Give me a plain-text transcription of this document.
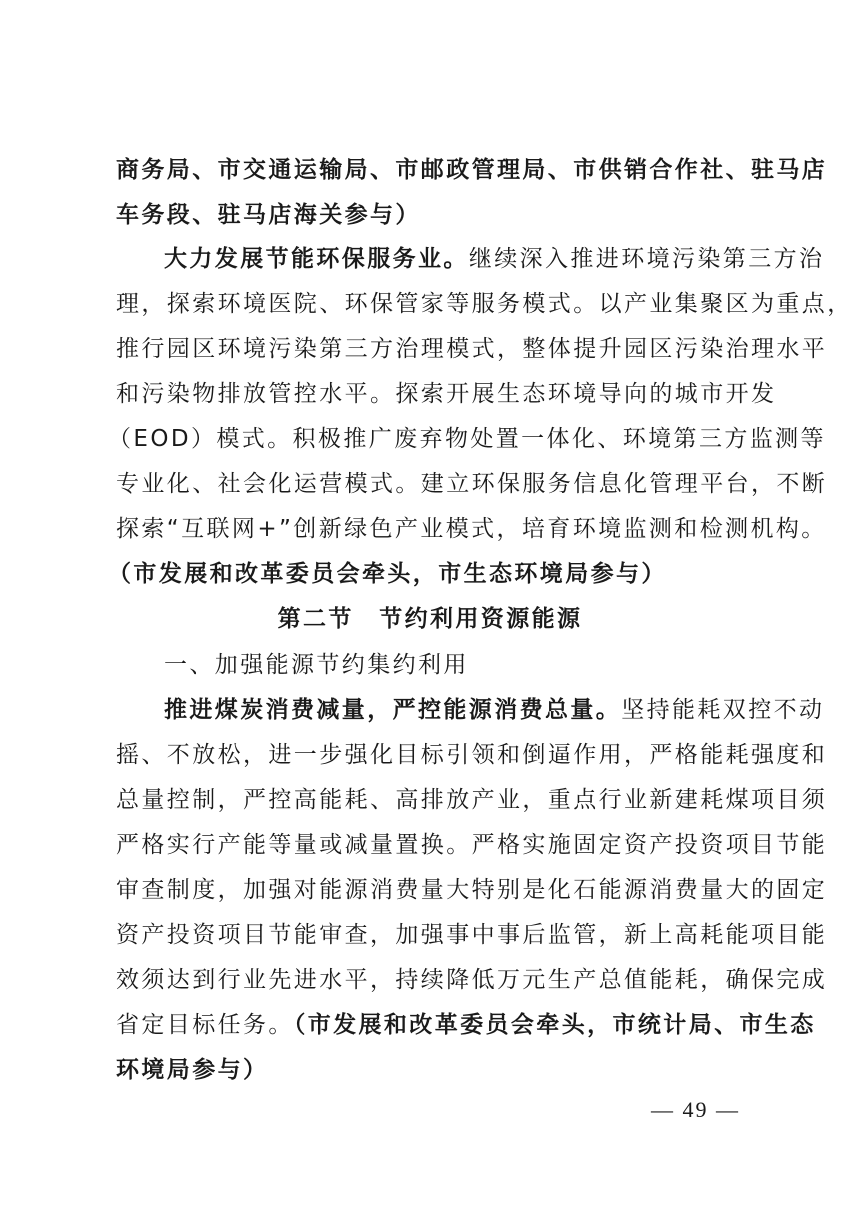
商务局、市交通运输局、市邮政管理局、市供销合作社、驻马店
车务段、驻马店海关参与）
大力发展节能环保服务业。继续深入推进环境污染第三方治
理，探索环境医院、环保管家等服务模式。以产业集聚区为重点，
推行园区环境污染第三方治理模式，整体提升园区污染治理水平
和污染物排放管控水平。探索开展生态环境导向的城市开发
（EOD）模式。积极推广废弃物处置一体化、环境第三方监测等
专业化、社会化运营模式。建立环保服务信息化管理平台，不断
探索“互联网+”创新绿色产业模式，培育环境监测和检测机构。
（市发展和改革委员会牵头，市生态环境局参与）
第二节　节约利用资源能源
一、加强能源节约集约利用
推进煤炭消费减量，严控能源消费总量。坚持能耗双控不动
摇、不放松，进一步强化目标引领和倒逼作用，严格能耗强度和
总量控制，严控高能耗、高排放产业，重点行业新建耗煤项目须
严格实行产能等量或减量置换。严格实施固定资产投资项目节能
审查制度，加强对能源消费量大特别是化石能源消费量大的固定
资产投资项目节能审查，加强事中事后监管，新上高耗能项目能
效须达到行业先进水平，持续降低万元生产总值能耗，确保完成
省定目标任务。（市发展和改革委员会牵头，市统计局、市生态
环境局参与）
— 49 —
